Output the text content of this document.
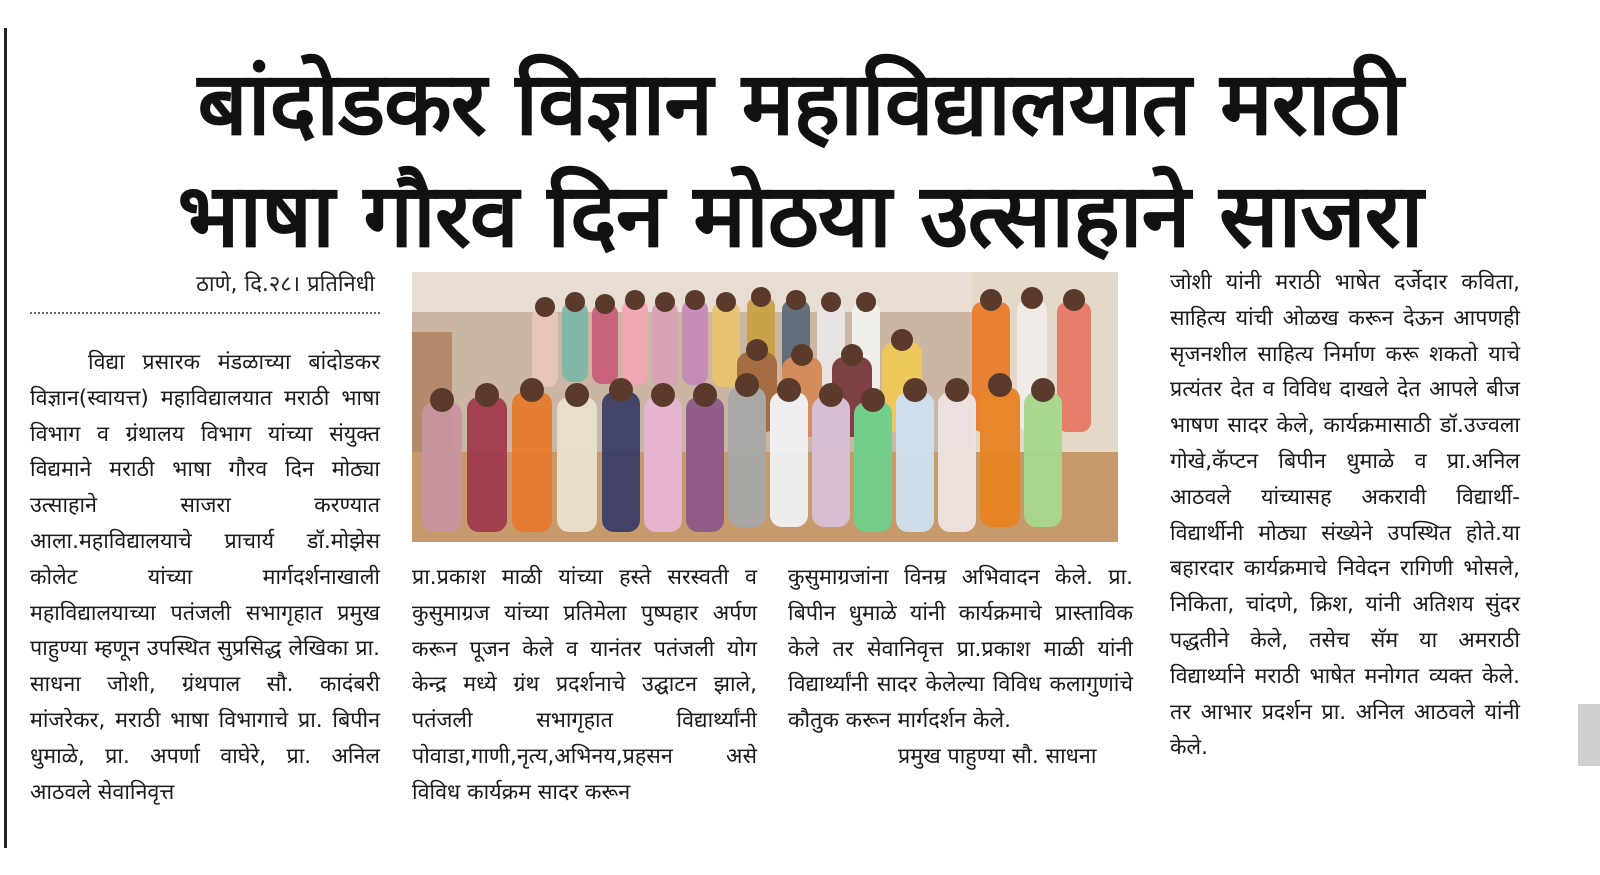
बांदोडकर विज्ञान महाविद्यालयात मराठी
भाषा गौरव दिन मोठया उत्साहाने साजरा
ठाणे, दि.२८। प्रतिनिधी

विद्या प्रसारक मंडळाच्या बांदोडकर विज्ञान(स्वायत्त) महाविद्यालयात मराठी भाषा विभाग व ग्रंथालय विभाग यांच्या संयुक्त विद्यमाने मराठी भाषा गौरव दिन मोठ्या उत्साहाने साजरा करण्यात आला.महाविद्यालयाचे प्राचार्य डॉ.मोझेस कोलेट यांच्या मार्गदर्शनाखाली महाविद्यालयाच्या पतंजली सभागृहात प्रमुख पाहुण्या म्हणून उपस्थित सुप्रसिद्ध लेखिका प्रा. साधना जोशी, ग्रंथपाल सौ. कादंबरी मांजरेकर, मराठी भाषा विभागाचे प्रा. बिपीन धुमाळे, प्रा. अपर्णा वाघेरे, प्रा. अनिल आठवले सेवानिवृत्त

प्रा.प्रकाश माळी यांच्या हस्ते सरस्वती व कुसुमाग्रज यांच्या प्रतिमेला पुष्पहार अर्पण करून पूजन केले व यानंतर पतंजली योग केन्द्र मध्ये ग्रंथ प्रदर्शनाचे उद्घाटन झाले, पतंजली सभागृहात विद्यार्थ्यांनी पोवाडा,गाणी,नृत्य,अभिनय,प्रहसन असे विविध कार्यक्रम सादर करून

कुसुमाग्रजांना विनम्र अभिवादन केले. प्रा. बिपीन धुमाळे यांनी कार्यक्रमाचे प्रास्ताविक केले तर सेवानिवृत्त प्रा.प्रकाश माळी यांनी विद्यार्थ्यांनी सादर केलेल्या विविध कलागुणांचे कौतुक करून मार्गदर्शन केले.

प्रमुख पाहुण्या सौ. साधना

जोशी यांनी मराठी भाषेत दर्जेदार कविता, साहित्य यांची ओळख करून देऊन आपणही सृजनशील साहित्य निर्माण करू शकतो याचे प्रत्यंतर देत व विविध दाखले देत आपले बीज भाषण सादर केले, कार्यक्रमासाठी डॉ.उज्वला गोखे,कॅप्टन बिपीन धुमाळे व प्रा.अनिल आठवले यांच्यासह अकरावी विद्यार्थी-विद्यार्थीनी मोठ्या संख्येने उपस्थित होते.या बहारदार कार्यक्रमाचे निवेदन रागिणी भोसले, निकिता, चांदणे, क्रिश, यांनी अतिशय सुंदर पद्धतीने केले, तसेच सॅम या अमराठी विद्यार्थ्याने मराठी भाषेत मनोगत व्यक्त केले. तर आभार प्रदर्शन प्रा. अनिल आठवले यांनी केले.
